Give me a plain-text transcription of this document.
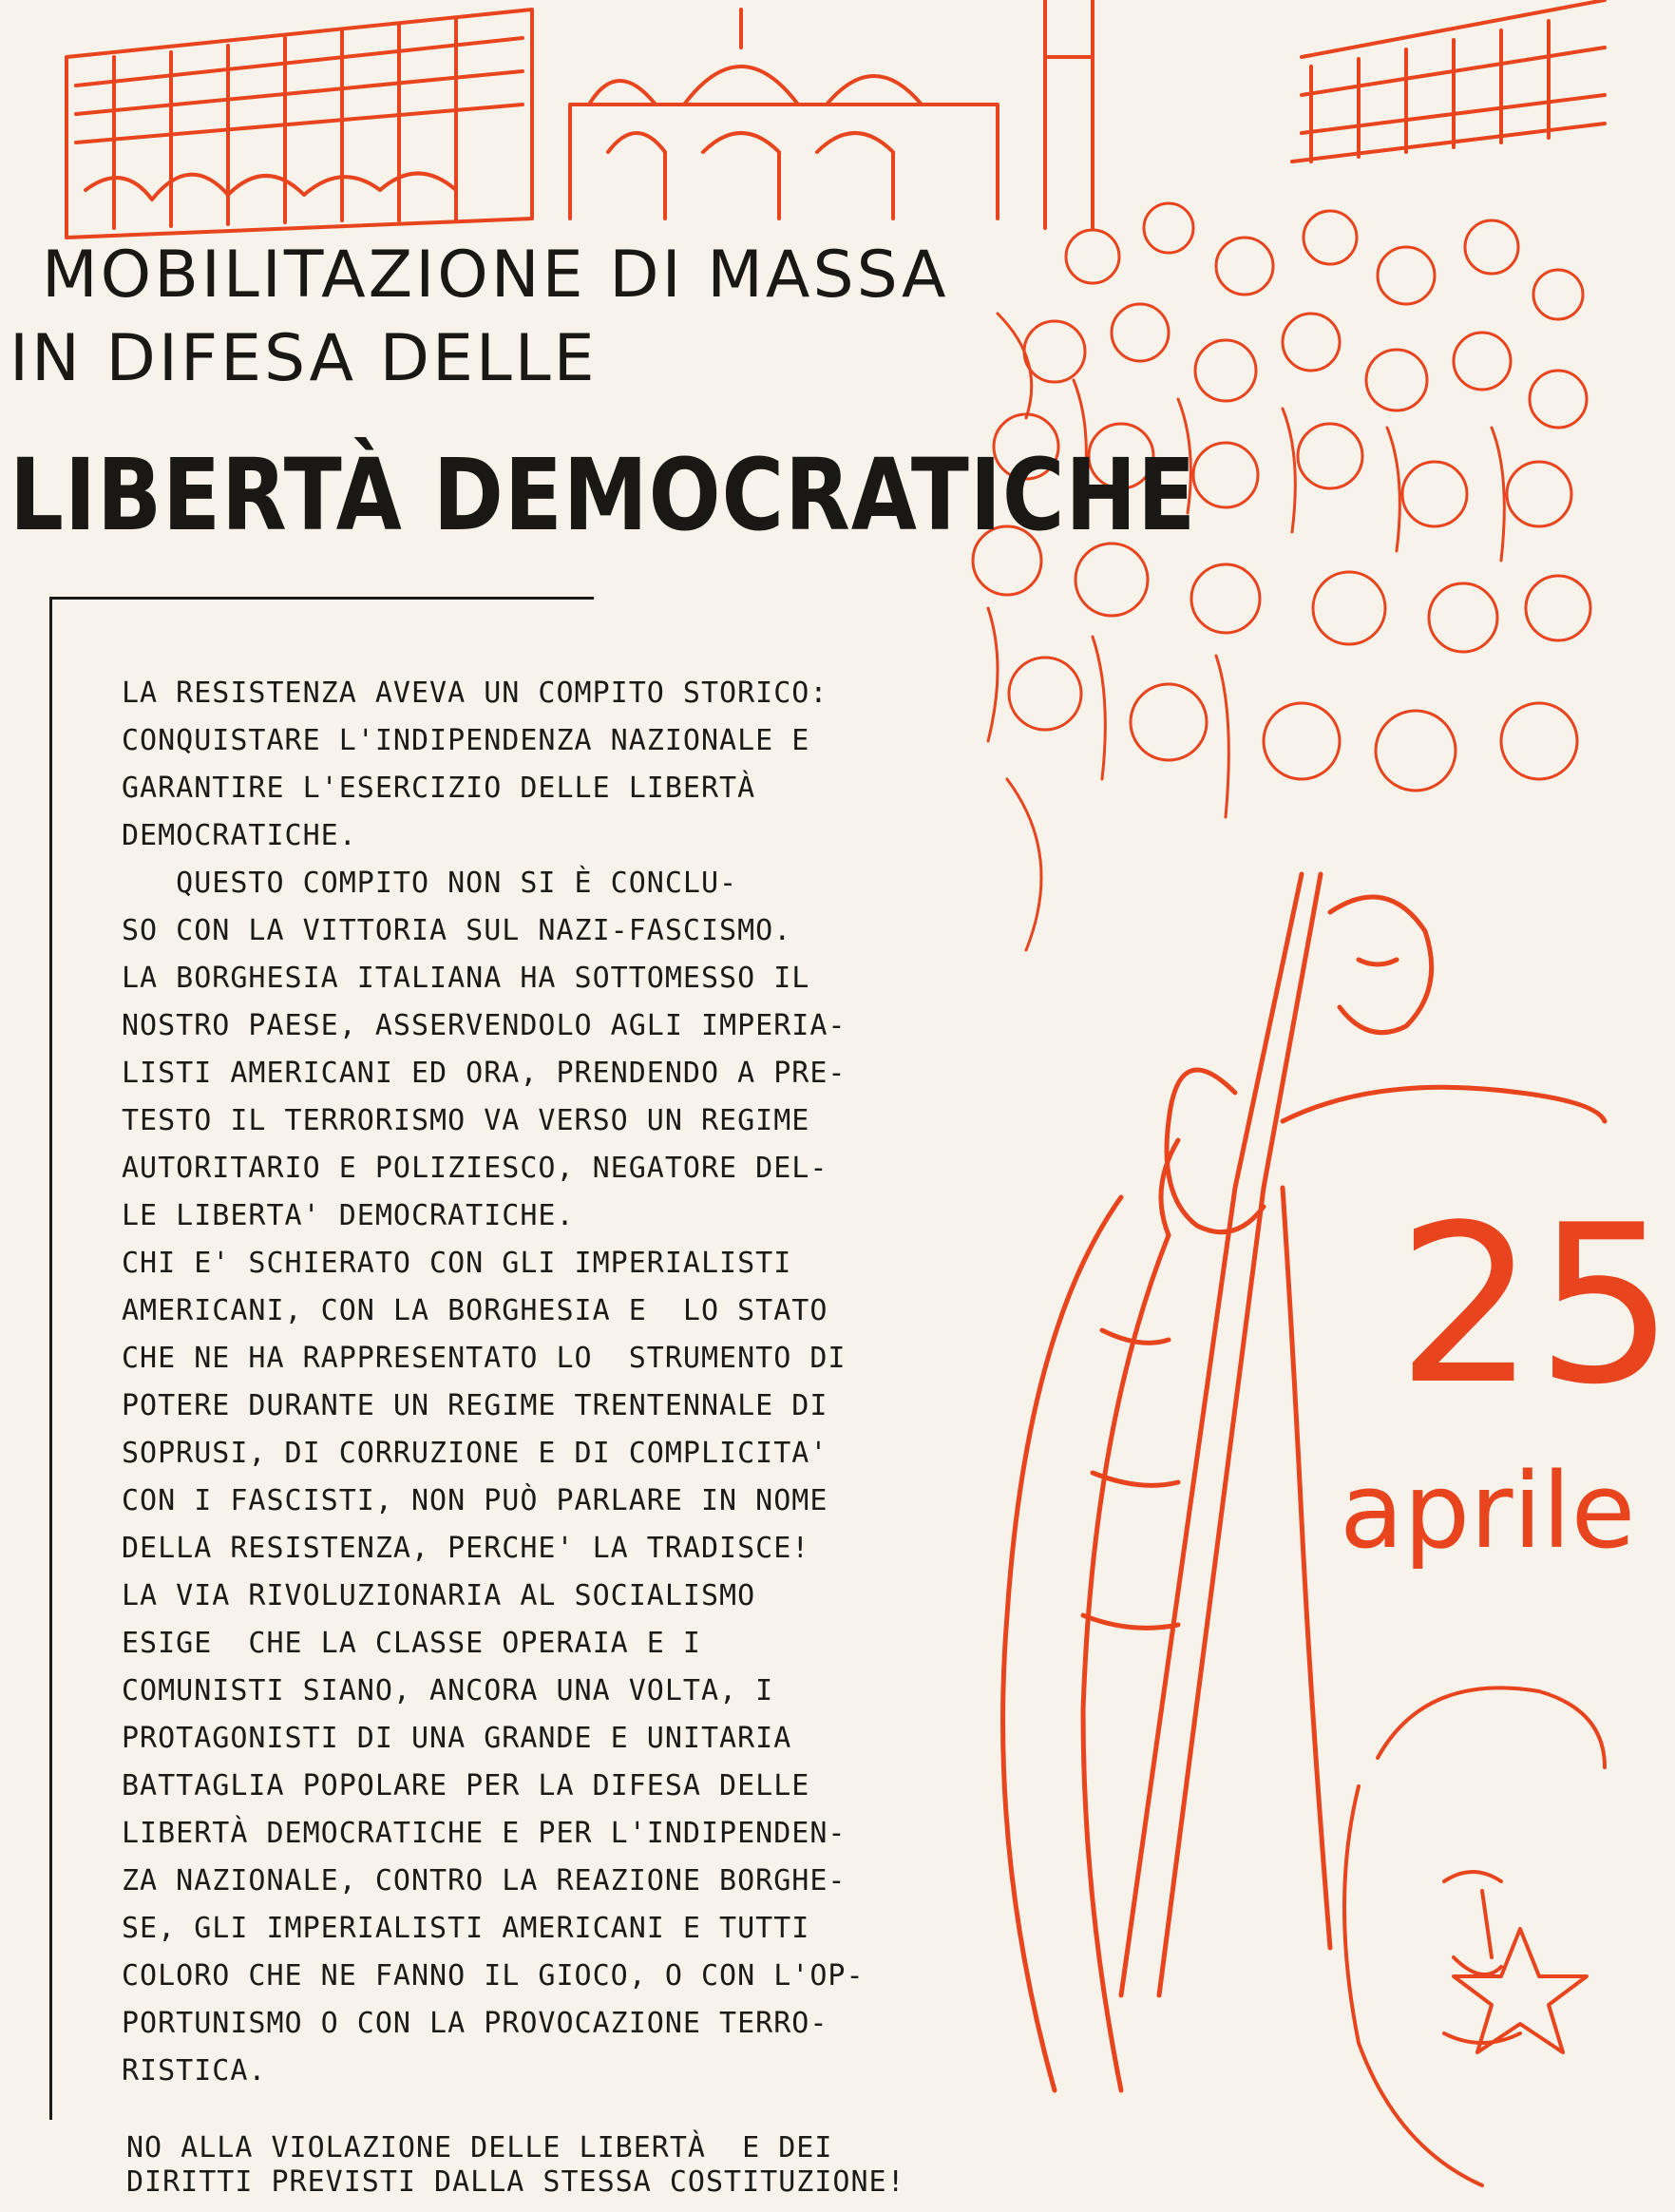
MOBILITAZIONE DI MASSA
IN DIFESA DELLE
LIBERTÀ DEMOCRATICHE
LA RESISTENZA AVEVA UN COMPITO STORICO:
CONQUISTARE L'INDIPENDENZA NAZIONALE E
GARANTIRE L'ESERCIZIO DELLE LIBERTÀ
DEMOCRATICHE.
QUESTO COMPITO NON SI È CONCLU-
SO CON LA VITTORIA SUL NAZI-FASCISMO.
LA BORGHESIA ITALIANA HA SOTTOMESSO IL
NOSTRO PAESE, ASSERVENDOLO AGLI IMPERIA-
LISTI AMERICANI ED ORA, PRENDENDO A PRE-
TESTO IL TERRORISMO VA VERSO UN REGIME
AUTORITARIO E POLIZIESCO, NEGATORE DEL-
LE LIBERTA' DEMOCRATICHE.
CHI E' SCHIERATO CON GLI IMPERIALISTI
AMERICANI, CON LA BORGHESIA E  LO STATO
CHE NE HA RAPPRESENTATO LO  STRUMENTO DI
POTERE DURANTE UN REGIME TRENTENNALE DI
SOPRUSI, DI CORRUZIONE E DI COMPLICITA'
CON I FASCISTI, NON PUÒ PARLARE IN NOME
DELLA RESISTENZA, PERCHE' LA TRADISCE!
LA VIA RIVOLUZIONARIA AL SOCIALISMO
ESIGE  CHE LA CLASSE OPERAIA E I
COMUNISTI SIANO, ANCORA UNA VOLTA, I
PROTAGONISTI DI UNA GRANDE E UNITARIA
BATTAGLIA POPOLARE PER LA DIFESA DELLE
LIBERTÀ DEMOCRATICHE E PER L'INDIPENDEN-
ZA NAZIONALE, CONTRO LA REAZIONE BORGHE-
SE, GLI IMPERIALISTI AMERICANI E TUTTI
COLORO CHE NE FANNO IL GIOCO, O CON L'OP-
PORTUNISMO O CON LA PROVOCAZIONE TERRO-
RISTICA.
NO ALLA VIOLAZIONE DELLE LIBERTÀ  E DEI
DIRITTI PREVISTI DALLA STESSA COSTITUZIONE!
25
aprile
